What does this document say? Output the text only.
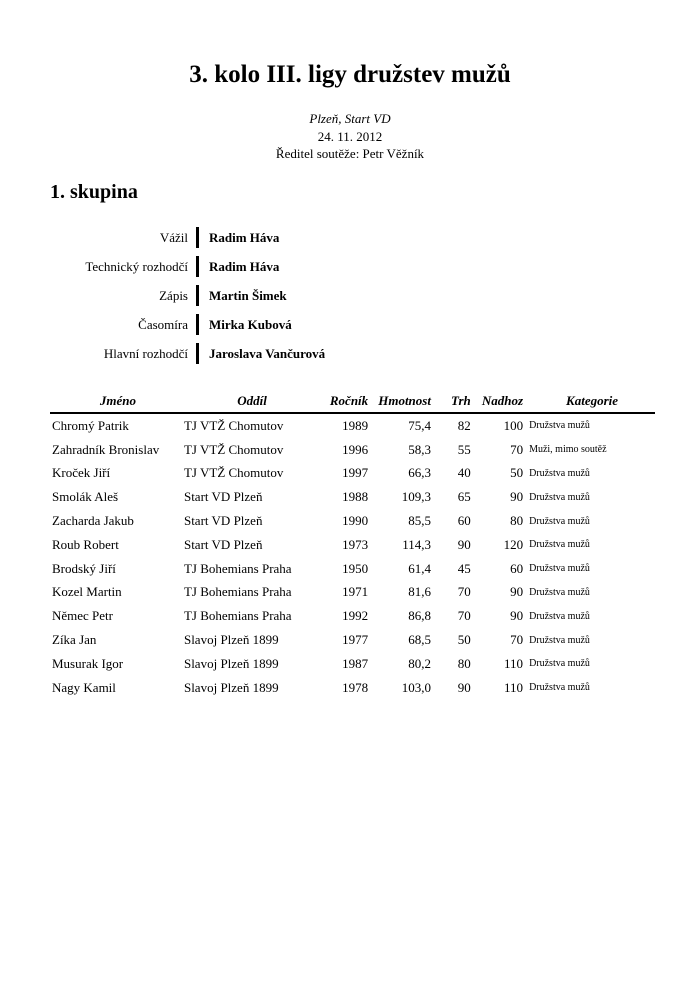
3. kolo III. ligy družstev mužů
Plzeň, Start VD
24. 11. 2012
Ředitel soutěže: Petr Věžník
1. skupina
Vážil Radim Háva
Technický rozhodčí Radim Háva
Zápis Martin Šimek
Časomíra Mirka Kubová
Hlavní rozhodčí Jaroslava Vančurová
Jméno	Oddíl	Ročník	Hmotnost	Trh	Nadhoz	Kategorie
Chromý Patrik	TJ VTŽ Chomutov	1989	75,4	82	100	Družstva mužů
Zahradník Bronislav	TJ VTŽ Chomutov	1996	58,3	55	70	Muži, mimo soutěž
Kroček Jiří	TJ VTŽ Chomutov	1997	66,3	40	50	Družstva mužů
Smolák Aleš	Start VD Plzeň	1988	109,3	65	90	Družstva mužů
Zacharda Jakub	Start VD Plzeň	1990	85,5	60	80	Družstva mužů
Roub Robert	Start VD Plzeň	1973	114,3	90	120	Družstva mužů
Brodský Jiří	TJ Bohemians Praha	1950	61,4	45	60	Družstva mužů
Kozel Martin	TJ Bohemians Praha	1971	81,6	70	90	Družstva mužů
Němec Petr	TJ Bohemians Praha	1992	86,8	70	90	Družstva mužů
Zíka Jan	Slavoj Plzeň 1899	1977	68,5	50	70	Družstva mužů
Musurak Igor	Slavoj Plzeň 1899	1987	80,2	80	110	Družstva mužů
Nagy Kamil	Slavoj Plzeň 1899	1978	103,0	90	110	Družstva mužů
